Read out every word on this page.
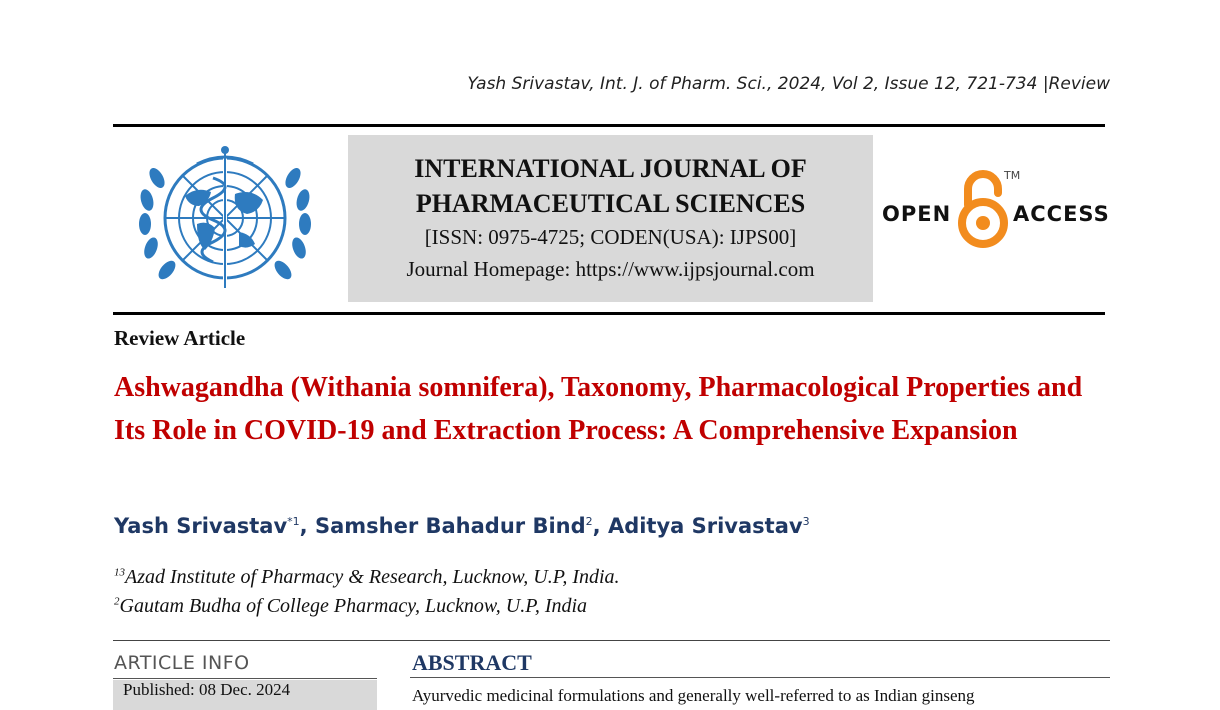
Yash Srivastav, Int. J. of Pharm. Sci., 2024, Vol 2, Issue 12, 721-734 |Review
INTERNATIONAL JOURNAL OF
PHARMACEUTICAL SCIENCES
[ISSN: 0975-4725; CODEN(USA): IJPS00]
Journal Homepage: https://www.ijpsjournal.com
OPEN
TM
ACCESS
Review Article
Ashwagandha (Withania somnifera), Taxonomy, Pharmacological Properties and Its Role in COVID-19 and Extraction Process: A Comprehensive Expansion
Yash Srivastav$^{*1}$, Samsher Bahadur Bind$^2$, Aditya Srivastav$^3$
$^{13}$Azad Institute of Pharmacy & Research, Lucknow, U.P, India.
$^2$Gautam Budha of College Pharmacy, Lucknow, U.P, India
ARTICLE INFO
Published: 08 Dec. 2024
ABSTRACT
Ayurvedic medicinal formulations and generally well-referred to as Indian ginseng
